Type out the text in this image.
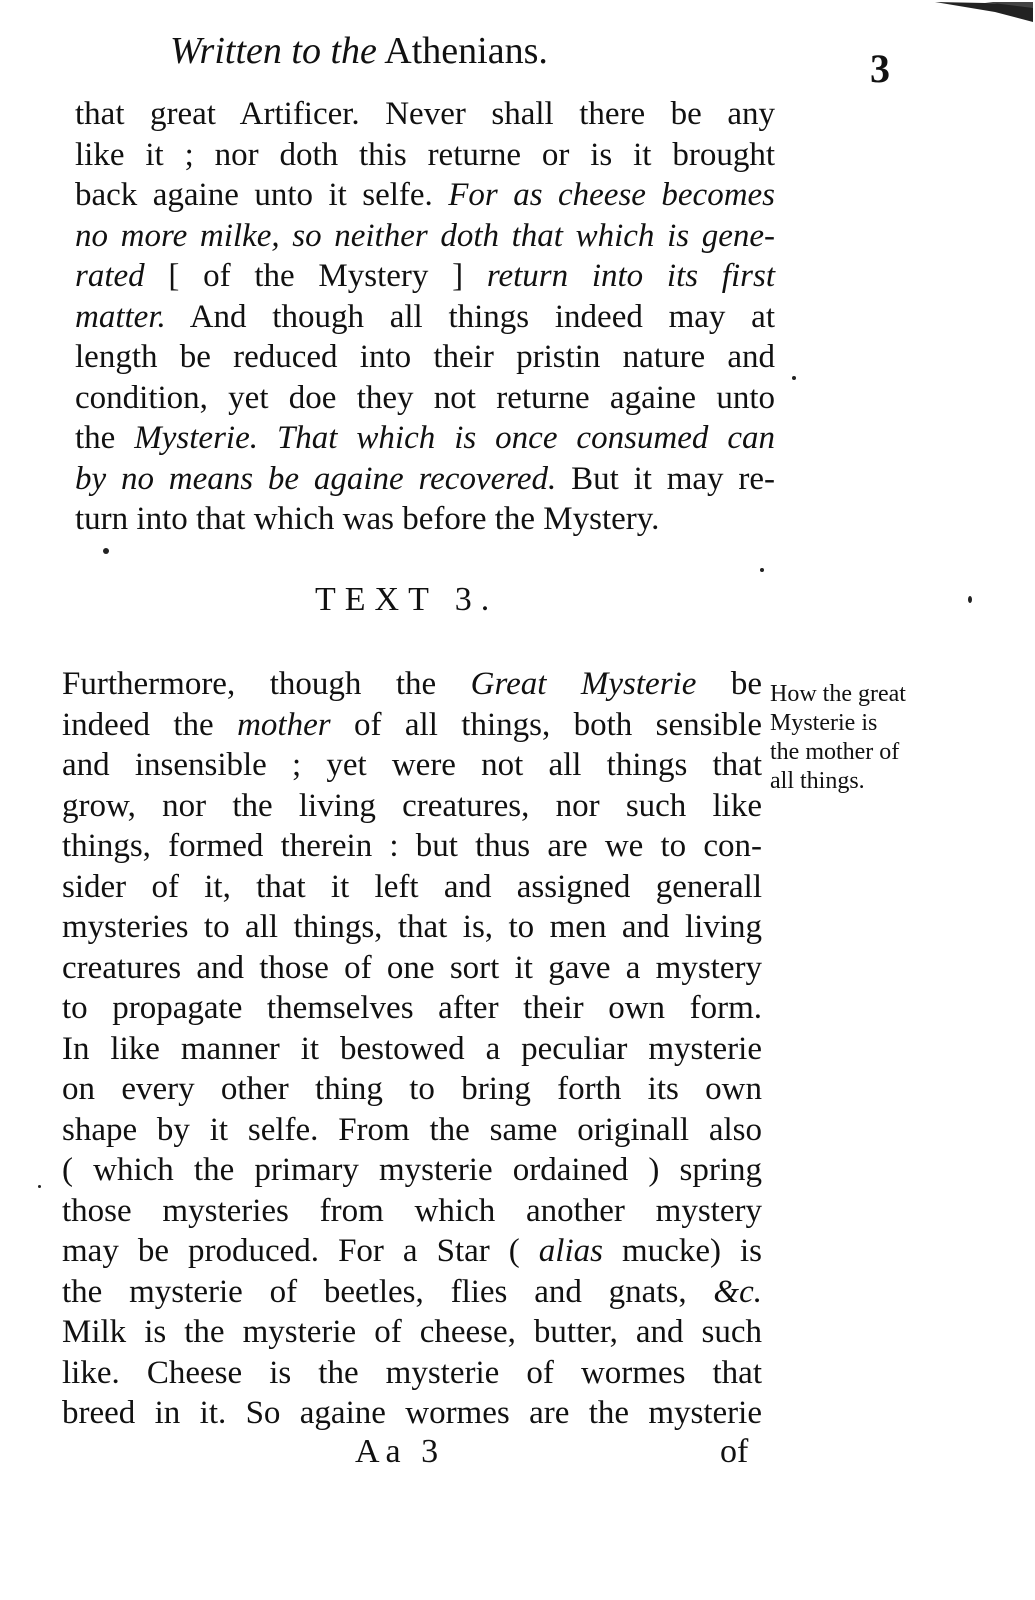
Written to the Athenians.	3
that great Artificer. Never shall there be any
like it ; nor doth this returne or is it brought
back againe unto it selfe. For as cheese becomes
no more milke, so neither doth that which is gene-
rated [ of the Mystery ] return into its first
matter. And though all things indeed may at
length be reduced into their pristin nature and
condition, yet doe they not returne againe unto
the Mysterie. That which is once consumed can
by no means be againe recovered. But it may re-
turn into that which was before the Mystery.
TEXT 3.
Furthermore, though the Great Mysterie be
indeed the mother of all things, both sensible
and insensible ; yet were not all things that
grow, nor the living creatures, nor such like
things, formed therein : but thus are we to con-
sider of it, that it left and assigned generall
mysteries to all things, that is, to men and living
creatures and those of one sort it gave a mystery
to propagate themselves after their own form.
In like manner it bestowed a peculiar mysterie
on every other thing to bring forth its own
shape by it selfe. From the same originall also
( which the primary mysterie ordained ) spring
those mysteries from which another mystery
may be produced. For a Star ( alias mucke) is
the mysterie of beetles, flies and gnats, &c.
Milk is the mysterie of cheese, butter, and such
like. Cheese is the mysterie of wormes that
breed in it. So againe wormes are the mysterie
How the great
Mysterie is
the mother of
all things.
Aa 3	of
